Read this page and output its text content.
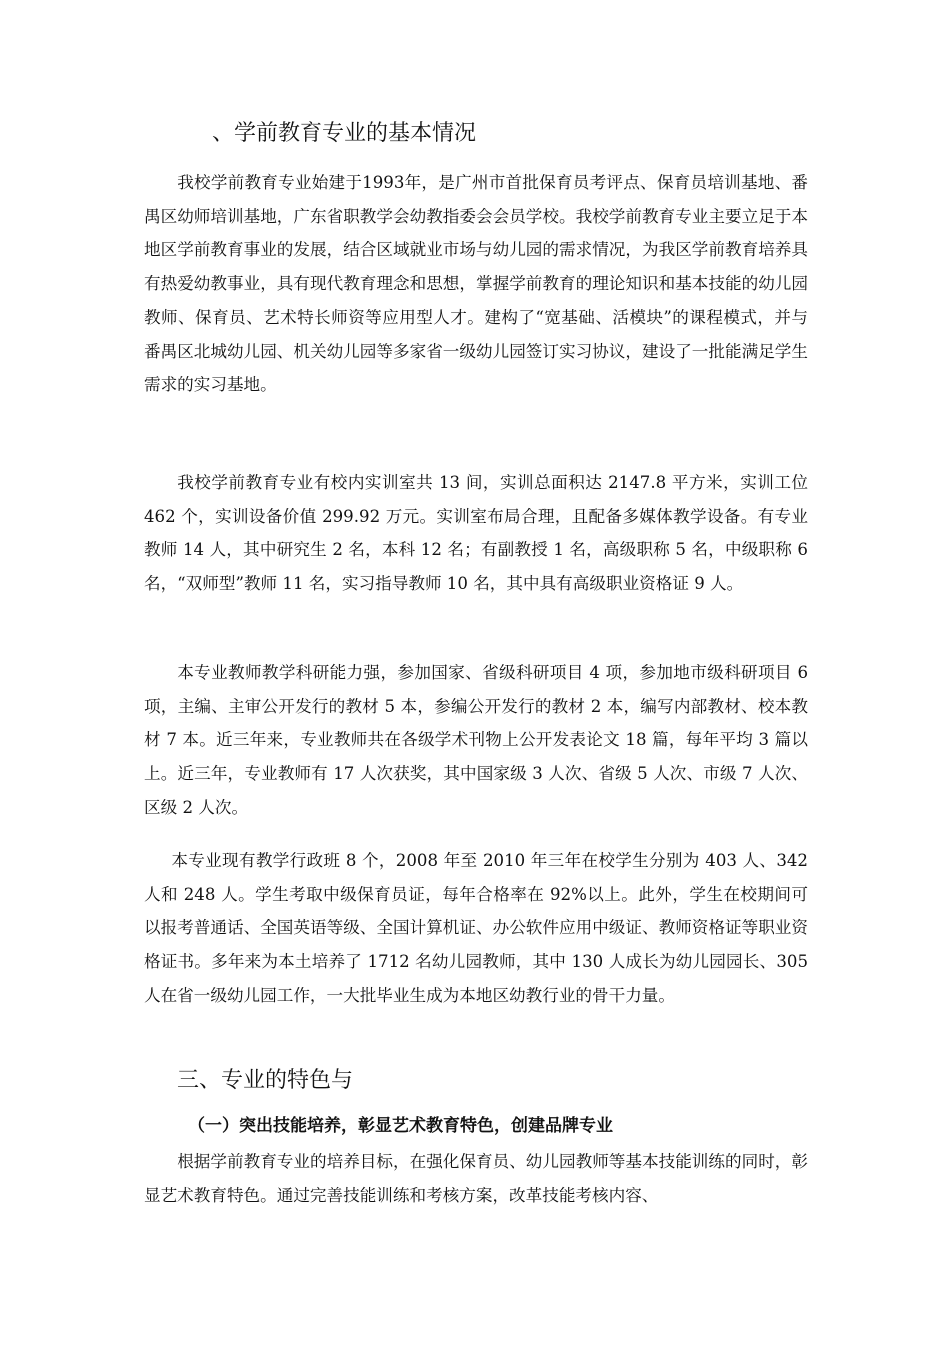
、学前教育专业的基本情况

我校学前教育专业始建于1993年，是广州市首批保育员考评点、保育员培训基地、番禺区幼师培训基地，广东省职教学会幼教指委会会员学校。我校学前教育专业主要立足于本地区学前教育事业的发展，结合区域就业市场与幼儿园的需求情况，为我区学前教育培养具有热爱幼教事业，具有现代教育理念和思想，掌握学前教育的理论知识和基本技能的幼儿园教师、保育员、艺术特长师资等应用型人才。建构了“宽基础、活模块”的课程模式，并与番禺区北城幼儿园、机关幼儿园等多家省一级幼儿园签订实习协议，建设了一批能满足学生需求的实习基地。

我校学前教育专业有校内实训室共 13 间，实训总面积达 2147.8 平方米，实训工位 462 个，实训设备价值 299.92 万元。实训室布局合理，且配备多媒体教学设备。有专业教师 14 人，其中研究生 2 名，本科 12 名；有副教授 1 名，高级职称 5 名，中级职称 6 名，“双师型”教师 11 名，实习指导教师 10 名，其中具有高级职业资格证 9 人。

本专业教师教学科研能力强，参加国家、省级科研项目 4 项，参加地市级科研项目 6 项，主编、主审公开发行的教材 5 本，参编公开发行的教材 2 本，编写内部教材、校本教材 7 本。近三年来，专业教师共在各级学术刊物上公开发表论文 18 篇，每年平均 3 篇以上。近三年，专业教师有 17 人次获奖，其中国家级 3 人次、省级 5 人次、市级 7 人次、区级 2 人次。

本专业现有教学行政班 8 个，2008 年至 2010 年三年在校学生分别为 403 人、342 人和 248 人。学生考取中级保育员证，每年合格率在 92%以上。此外，学生在校期间可以报考普通话、全国英语等级、全国计算机证、办公软件应用中级证、教师资格证等职业资格证书。多年来为本土培养了 1712 名幼儿园教师，其中 130 人成长为幼儿园园长、305 人在省一级幼儿园工作，一大批毕业生成为本地区幼教行业的骨干力量。

三、专业的特色与
（一）突出技能培养，彰显艺术教育特色，创建品牌专业

根据学前教育专业的培养目标，在强化保育员、幼儿园教师等基本技能训练的同时，彰显艺术教育特色。通过完善技能训练和考核方案，改革技能考核内容、
